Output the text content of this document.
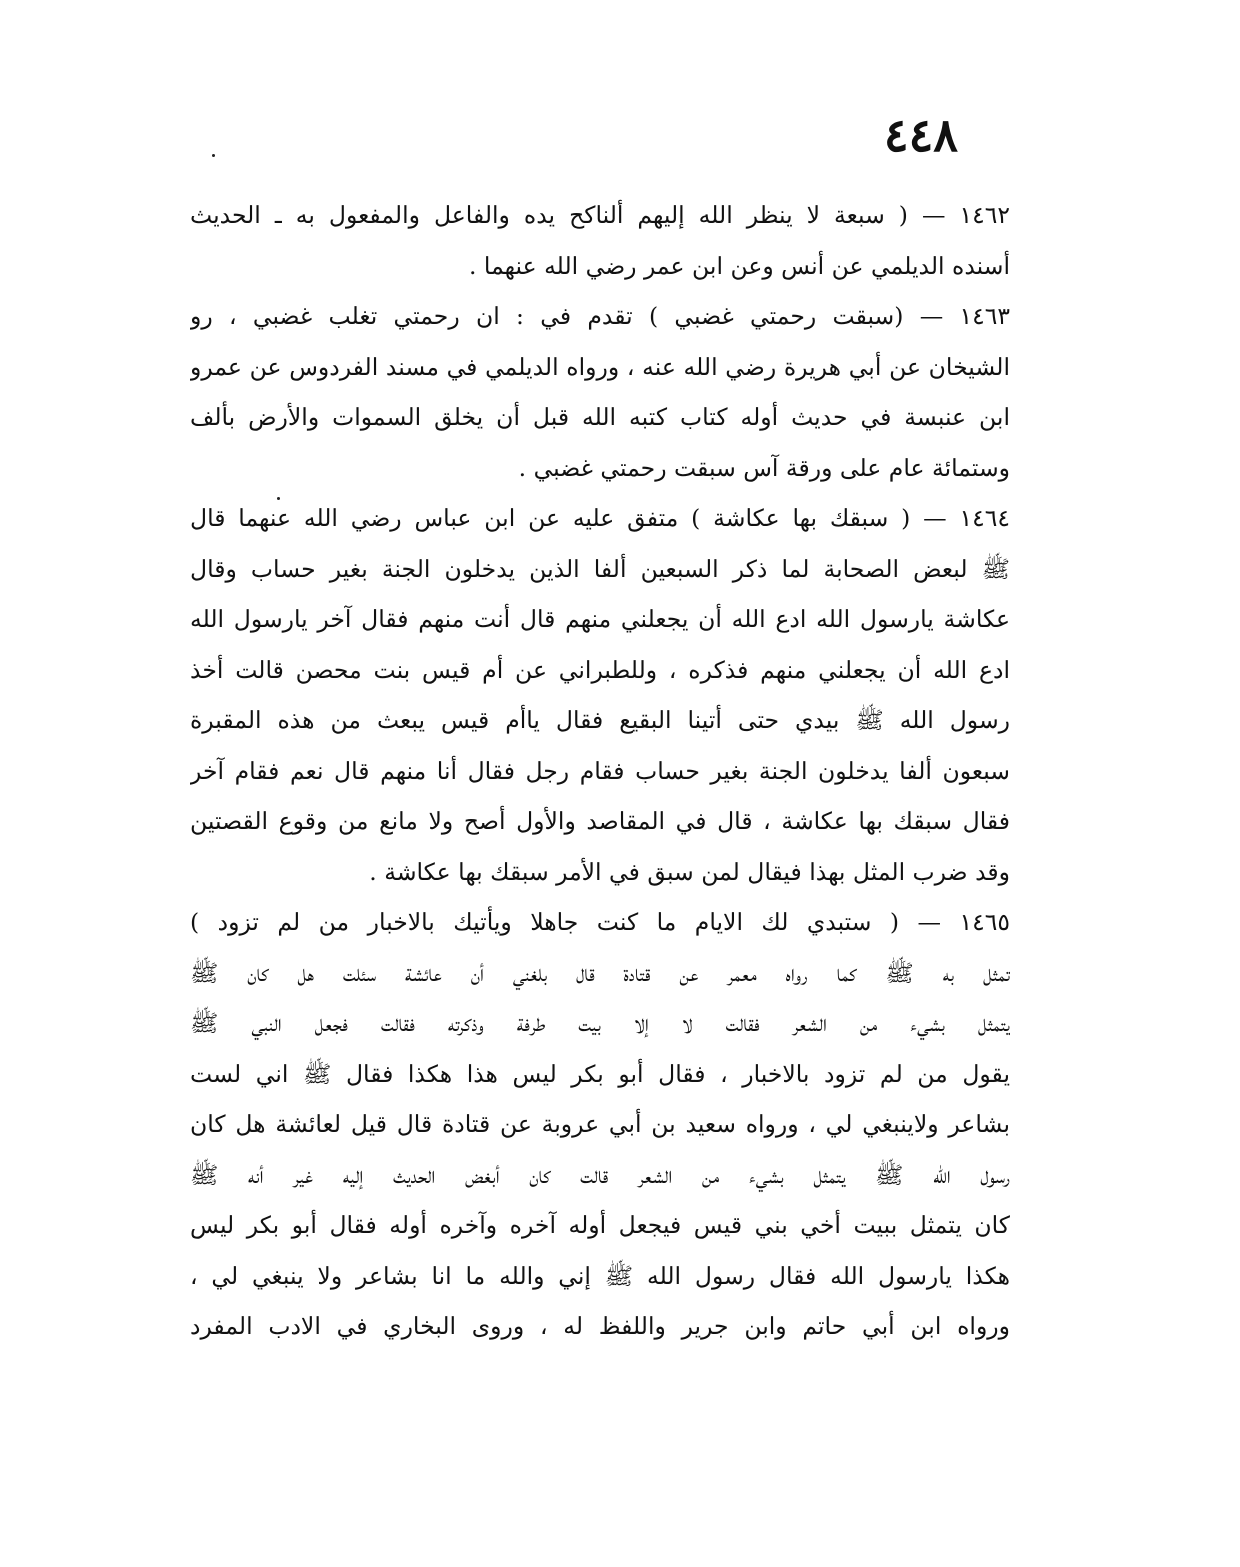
٤٤٨
١٤٦٢ — ( سبعة لا ينظر الله إليهم ألناكح يده والفاعل والمفعول به ـ الحديث
أسنده الديلمي عن أنس وعن ابن عمر رضي الله عنهما .
١٤٦٣ — (سبقت رحمتي غضبي ) تقدم في : ان رحمتي تغلب غضبي ، رو
الشيخان عن أبي هريرة رضي الله عنه ، ورواه الديلمي في مسند الفردوس عن عمرو
ابن عنبسة في حديث أوله كتاب كتبه الله قبل أن يخلق السموات والأرض بألف
وستمائة عام على ورقة آس سبقت رحمتي غضبي .
١٤٦٤ — ( سبقك بها عكاشة ) متفق عليه عن ابن عباس رضي الله عنهما قال
ﷺ لبعض الصحابة لما ذكر السبعين ألفا الذين يدخلون الجنة بغير حساب وقال
عكاشة يارسول الله ادع الله أن يجعلني منهم قال أنت منهم فقال آخر يارسول الله
ادع الله أن يجعلني منهم فذكره ، وللطبراني عن أم قيس بنت محصن قالت أخذ
رسول الله ﷺ بيدي حتى أتينا البقيع فقال ياأم قيس يبعث من هذه المقبرة
سبعون ألفا يدخلون الجنة بغير حساب فقام رجل فقال أنا منهم قال نعم فقام آخر
فقال سبقك بها عكاشة ، قال في المقاصد والأول أصح ولا مانع من وقوع القصتين
وقد ضرب المثل بهذا فيقال لمن سبق في الأمر سبقك بها عكاشة .
١٤٦٥ — ( ستبدي لك الايام ما كنت جاهلا ويأتيك بالاخبار من لم تزود )
تمثل به ﷺ كما رواه معمر عن قتادة قال بلغني أن عائشة سئلت هل كان ﷺ
يتمثل بشيء من الشعر فقالت لا إلا بيت طرفة وذكرته فقالت فجعل النبي ﷺ
يقول من لم تزود بالاخبار ، فقال أبو بكر ليس هذا هكذا فقال ﷺ اني لست
بشاعر ولاينبغي لي ، ورواه سعيد بن أبي عروبة عن قتادة قال قيل لعائشة هل كان
رسول الله ﷺ يتمثل بشيء من الشعر قالت كان أبغض الحديث إليه غير أنه ﷺ
كان يتمثل ببيت أخي بني قيس فيجعل أوله آخره وآخره أوله فقال أبو بكر ليس
هكذا يارسول الله فقال رسول الله ﷺ إني والله ما انا بشاعر ولا ينبغي لي ،
ورواه ابن أبي حاتم وابن جرير واللفظ له ، وروى البخاري في الادب المفرد
